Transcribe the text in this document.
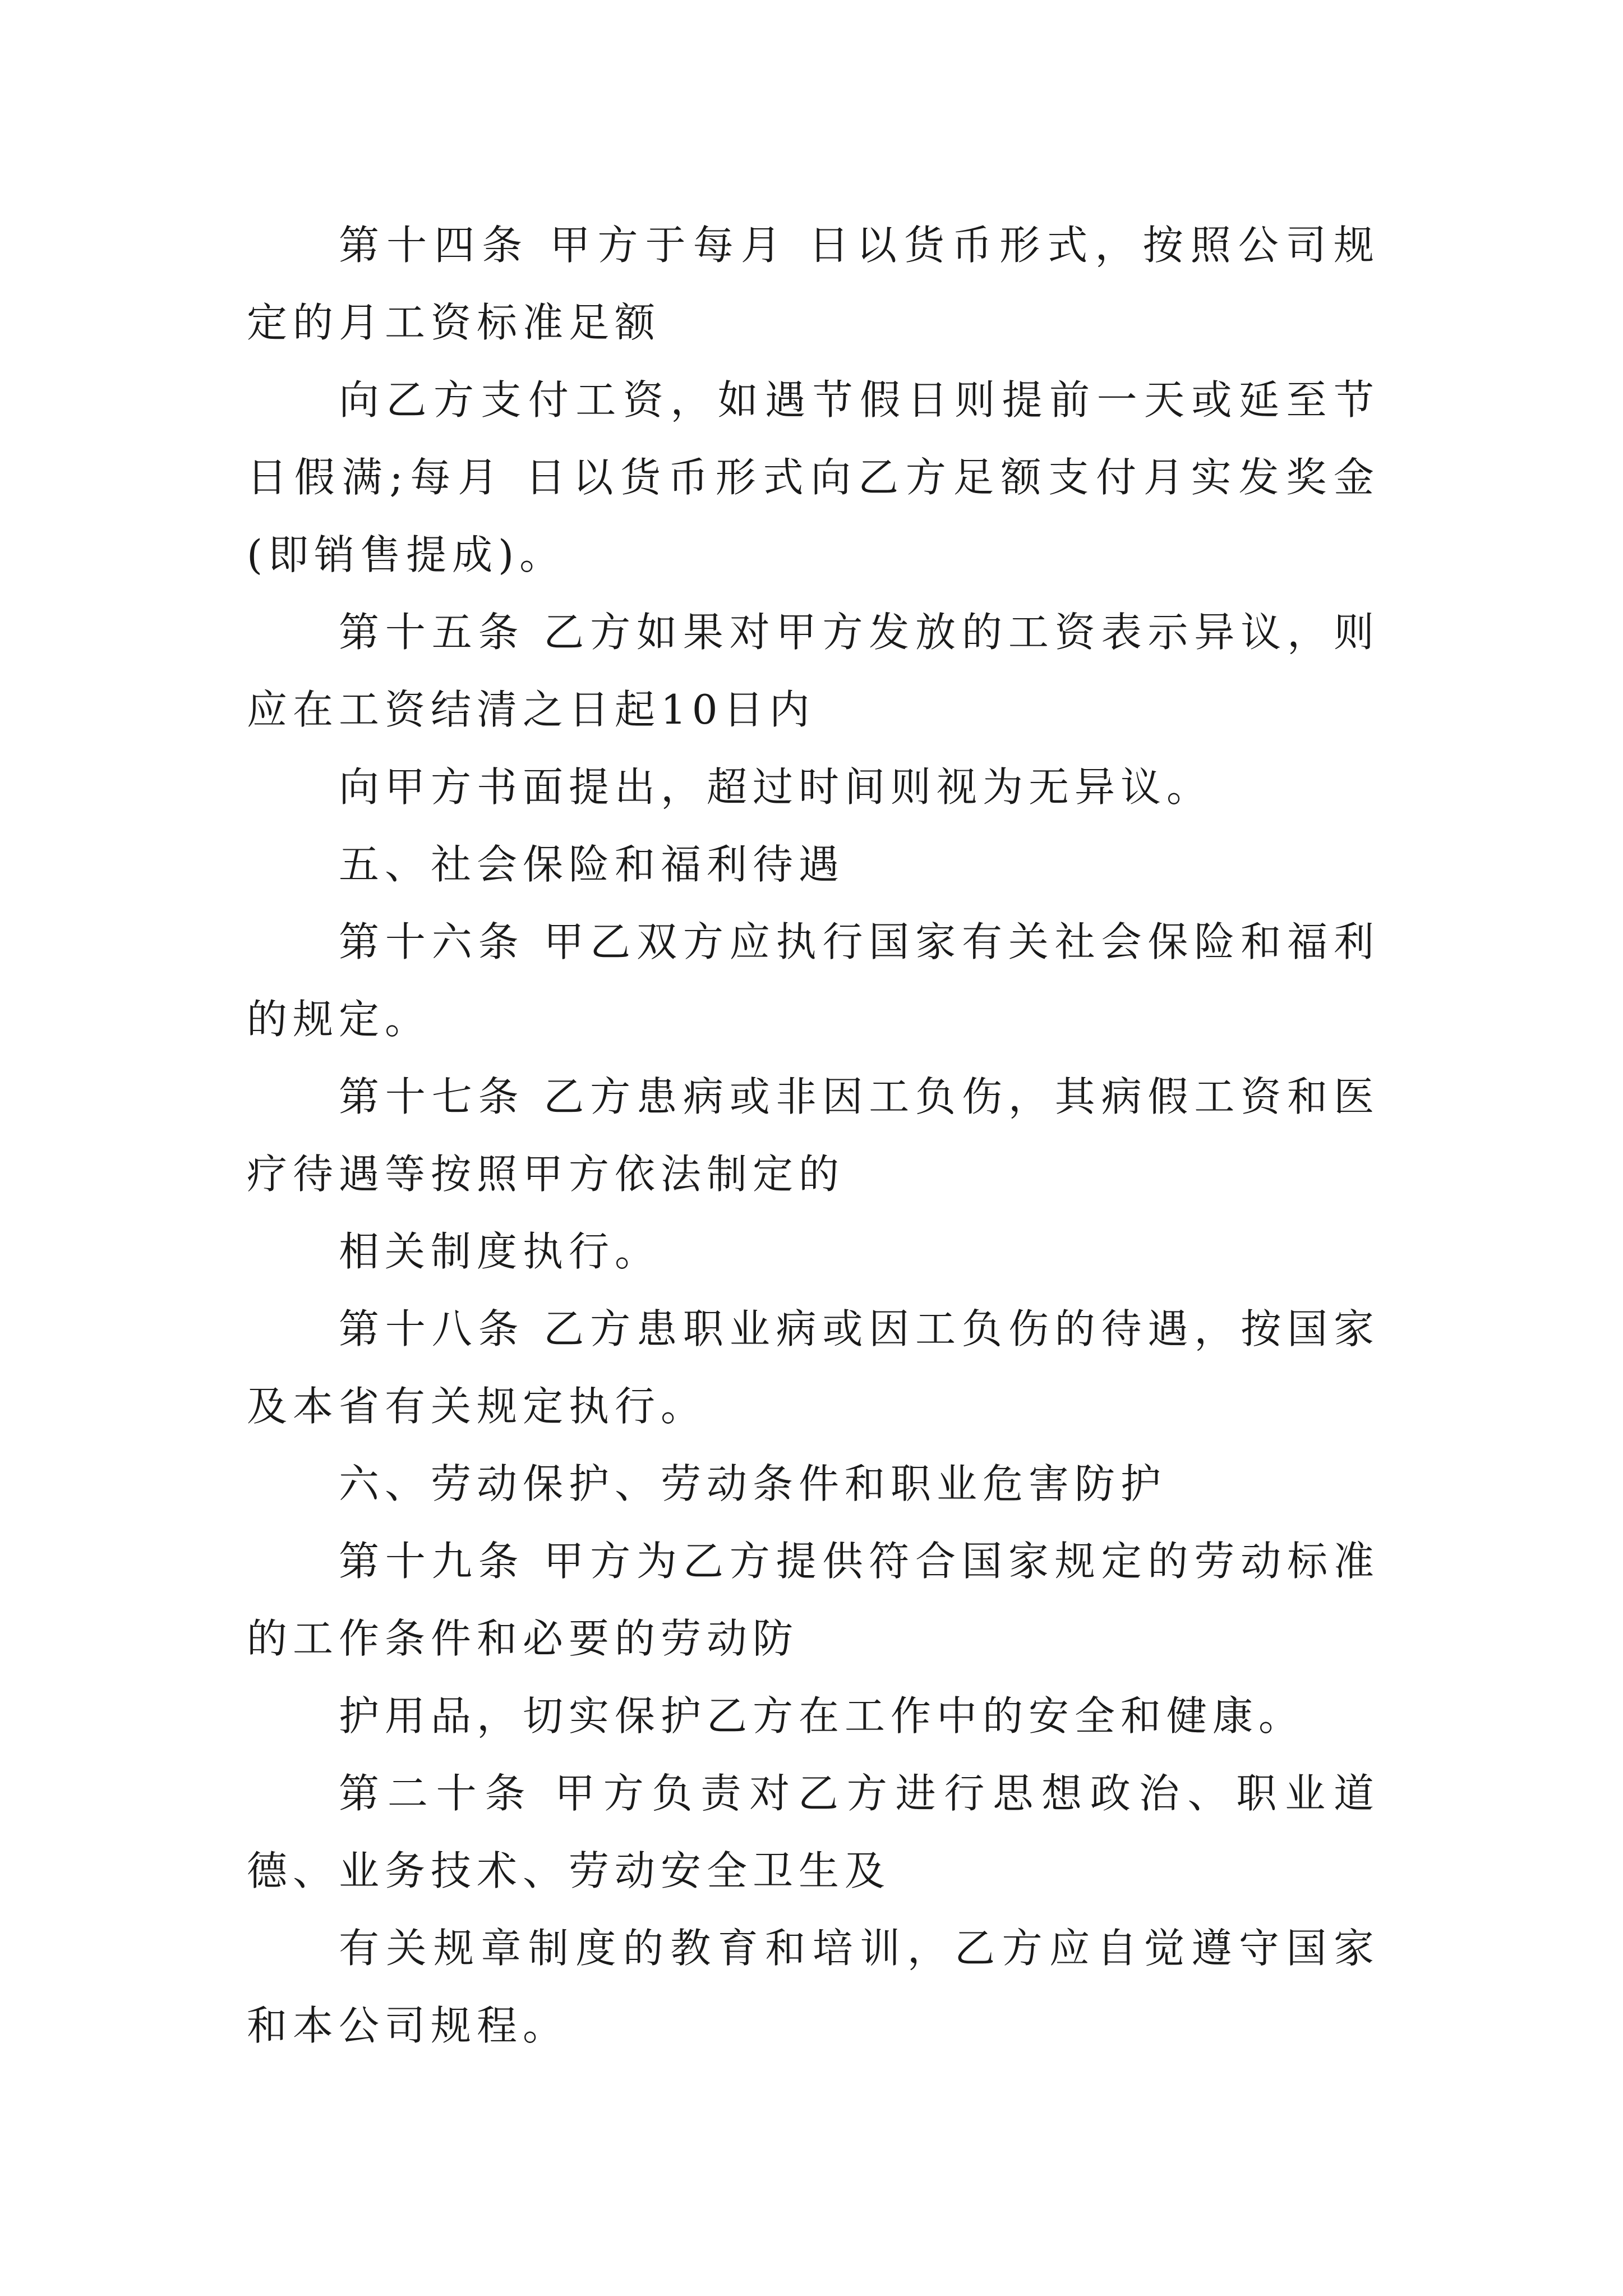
第十四条 甲方于每月 日以货币形式，按照公司规定的月工资标准足额

向乙方支付工资，如遇节假日则提前一天或延至节日假满;每月 日以货币形式向乙方足额支付月实发奖金(即销售提成)。

第十五条 乙方如果对甲方发放的工资表示异议，则应在工资结清之日起10日内

向甲方书面提出，超过时间则视为无异议。

五、社会保险和福利待遇

第十六条 甲乙双方应执行国家有关社会保险和福利的规定。

第十七条 乙方患病或非因工负伤，其病假工资和医疗待遇等按照甲方依法制定的

相关制度执行。

第十八条 乙方患职业病或因工负伤的待遇，按国家及本省有关规定执行。

六、劳动保护、劳动条件和职业危害防护

第十九条 甲方为乙方提供符合国家规定的劳动标准的工作条件和必要的劳动防

护用品，切实保护乙方在工作中的安全和健康。

第二十条 甲方负责对乙方进行思想政治、职业道德、业务技术、劳动安全卫生及

有关规章制度的教育和培训，乙方应自觉遵守国家和本公司规程。
